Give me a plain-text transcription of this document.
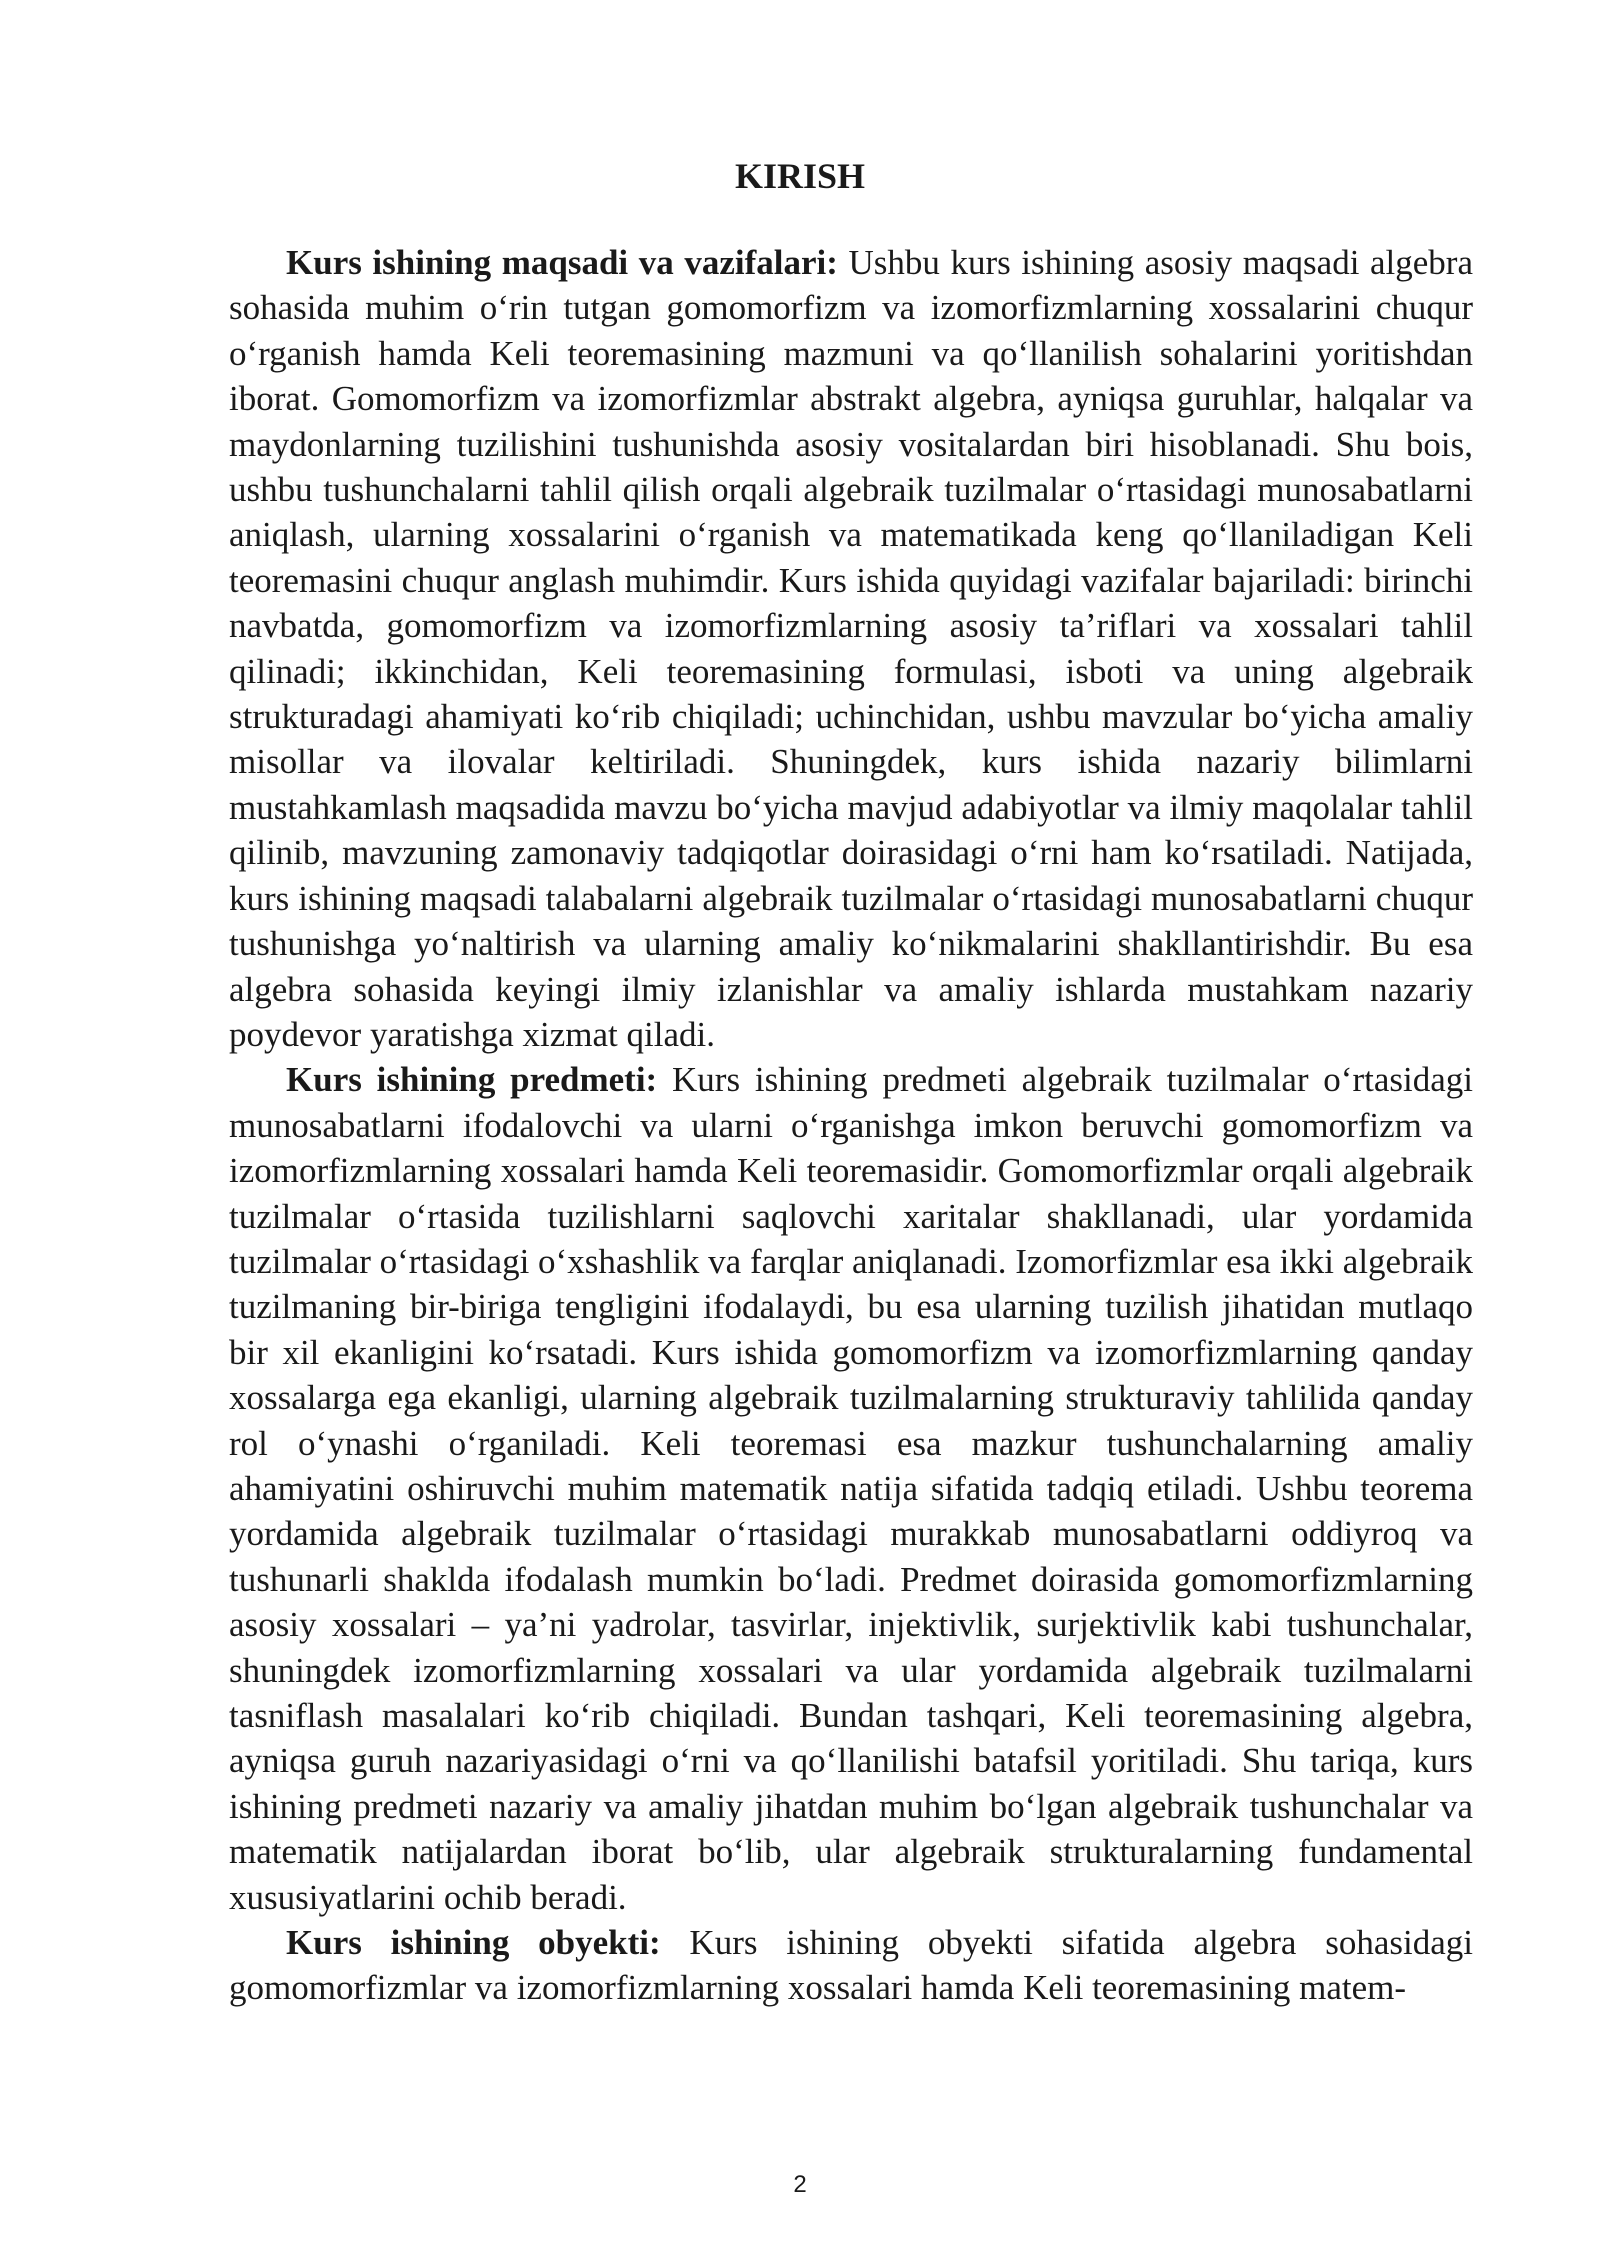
KIRISH

Kurs ishining maqsadi va vazifalari: Ushbu kurs ishining asosiy maqsadi algebra sohasida muhim o‘rin tutgan gomomorfizm va izomorfizmlarning xossalarini chuqur o‘rganish hamda Keli teoremasining mazmuni va qo‘llanilish sohalarini yoritishdan iborat. Gomomorfizm va izomorfizmlar abstrakt algebra, ayniqsa guruhlar, halqalar va maydonlarning tuzilishini tushunishda asosiy vositalardan biri hisoblanadi. Shu bois, ushbu tushunchalarni tahlil qilish orqali algebraik tuzilmalar o‘rtasidagi munosabatlarni aniqlash, ularning xossalarini o‘rganish va matematikada keng qo‘llaniladigan Keli teoremasini chuqur anglash muhimdir. Kurs ishida quyidagi vazifalar bajariladi: birinchi navbatda, gomomorfizm va izomorfizmlarning asosiy ta’riflari va xossalari tahlil qilinadi; ikkinchidan, Keli teoremasining formulasi, isboti va uning algebraik strukturadagi ahamiyati ko‘rib chiqiladi; uchinchidan, ushbu mavzular bo‘yicha amaliy misollar va ilovalar keltiriladi. Shuningdek, kurs ishida nazariy bilimlarni mustahkamlash maqsadida mavzu bo‘yicha mavjud adabiyotlar va ilmiy maqolalar tahlil qilinib, mavzuning zamonaviy tadqiqotlar doirasidagi o‘rni ham ko‘rsatiladi. Natijada, kurs ishining maqsadi talabalarni algebraik tuzilmalar o‘rtasidagi munosabatlarni chuqur tushunishga yo‘naltirish va ularning amaliy ko‘nikmalarini shakllantirishdir. Bu esa algebra sohasida keyingi ilmiy izlanishlar va amaliy ishlarda mustahkam nazariy poydevor yaratishga xizmat qiladi.

Kurs ishining predmeti: Kurs ishining predmeti algebraik tuzilmalar o‘rtasidagi munosabatlarni ifodalovchi va ularni o‘rganishga imkon beruvchi gomomorfizm va izomorfizmlarning xossalari hamda Keli teoremasidir. Gomomorfizmlar orqali algebraik tuzilmalar o‘rtasida tuzilishlarni saqlovchi xaritalar shakllanadi, ular yordamida tuzilmalar o‘rtasidagi o‘xshashlik va farqlar aniqlanadi. Izomorfizmlar esa ikki algebraik tuzilmaning bir-biriga tengligini ifodalaydi, bu esa ularning tuzilish jihatidan mutlaqo bir xil ekanligini ko‘rsatadi. Kurs ishida gomomorfizm va izomorfizmlarning qanday xossalarga ega ekanligi, ularning algebraik tuzilmalarning strukturaviy tahlilida qanday rol o‘ynashi o‘rganiladi. Keli teoremasi esa mazkur tushunchalarning amaliy ahamiyatini oshiruvchi muhim matematik natija sifatida tadqiq etiladi. Ushbu teorema yordamida algebraik tuzilmalar o‘rtasidagi murakkab munosabatlarni oddiyroq va tushunarli shaklda ifodalash mumkin bo‘ladi. Predmet doirasida gomomorfizmlarning asosiy xossalari – ya’ni yadrolar, tasvirlar, injektivlik, surjektivlik kabi tushunchalar, shuningdek izomorfizmlarning xossalari va ular yordamida algebraik tuzilmalarni tasniflash masalalari ko‘rib chiqiladi. Bundan tashqari, Keli teoremasining algebra, ayniqsa guruh nazariyasidagi o‘rni va qo‘llanilishi batafsil yoritiladi. Shu tariqa, kurs ishining predmeti nazariy va amaliy jihatdan muhim bo‘lgan algebraik tushunchalar va matematik natijalardan iborat bo‘lib, ular algebraik strukturalarning fundamental xususiyatlarini ochib beradi.

Kurs ishining obyekti: Kurs ishining obyekti sifatida algebra sohasidagi gomomorfizmlar va izomorfizmlarning xossalari hamda Keli teoremasining matem-

2
